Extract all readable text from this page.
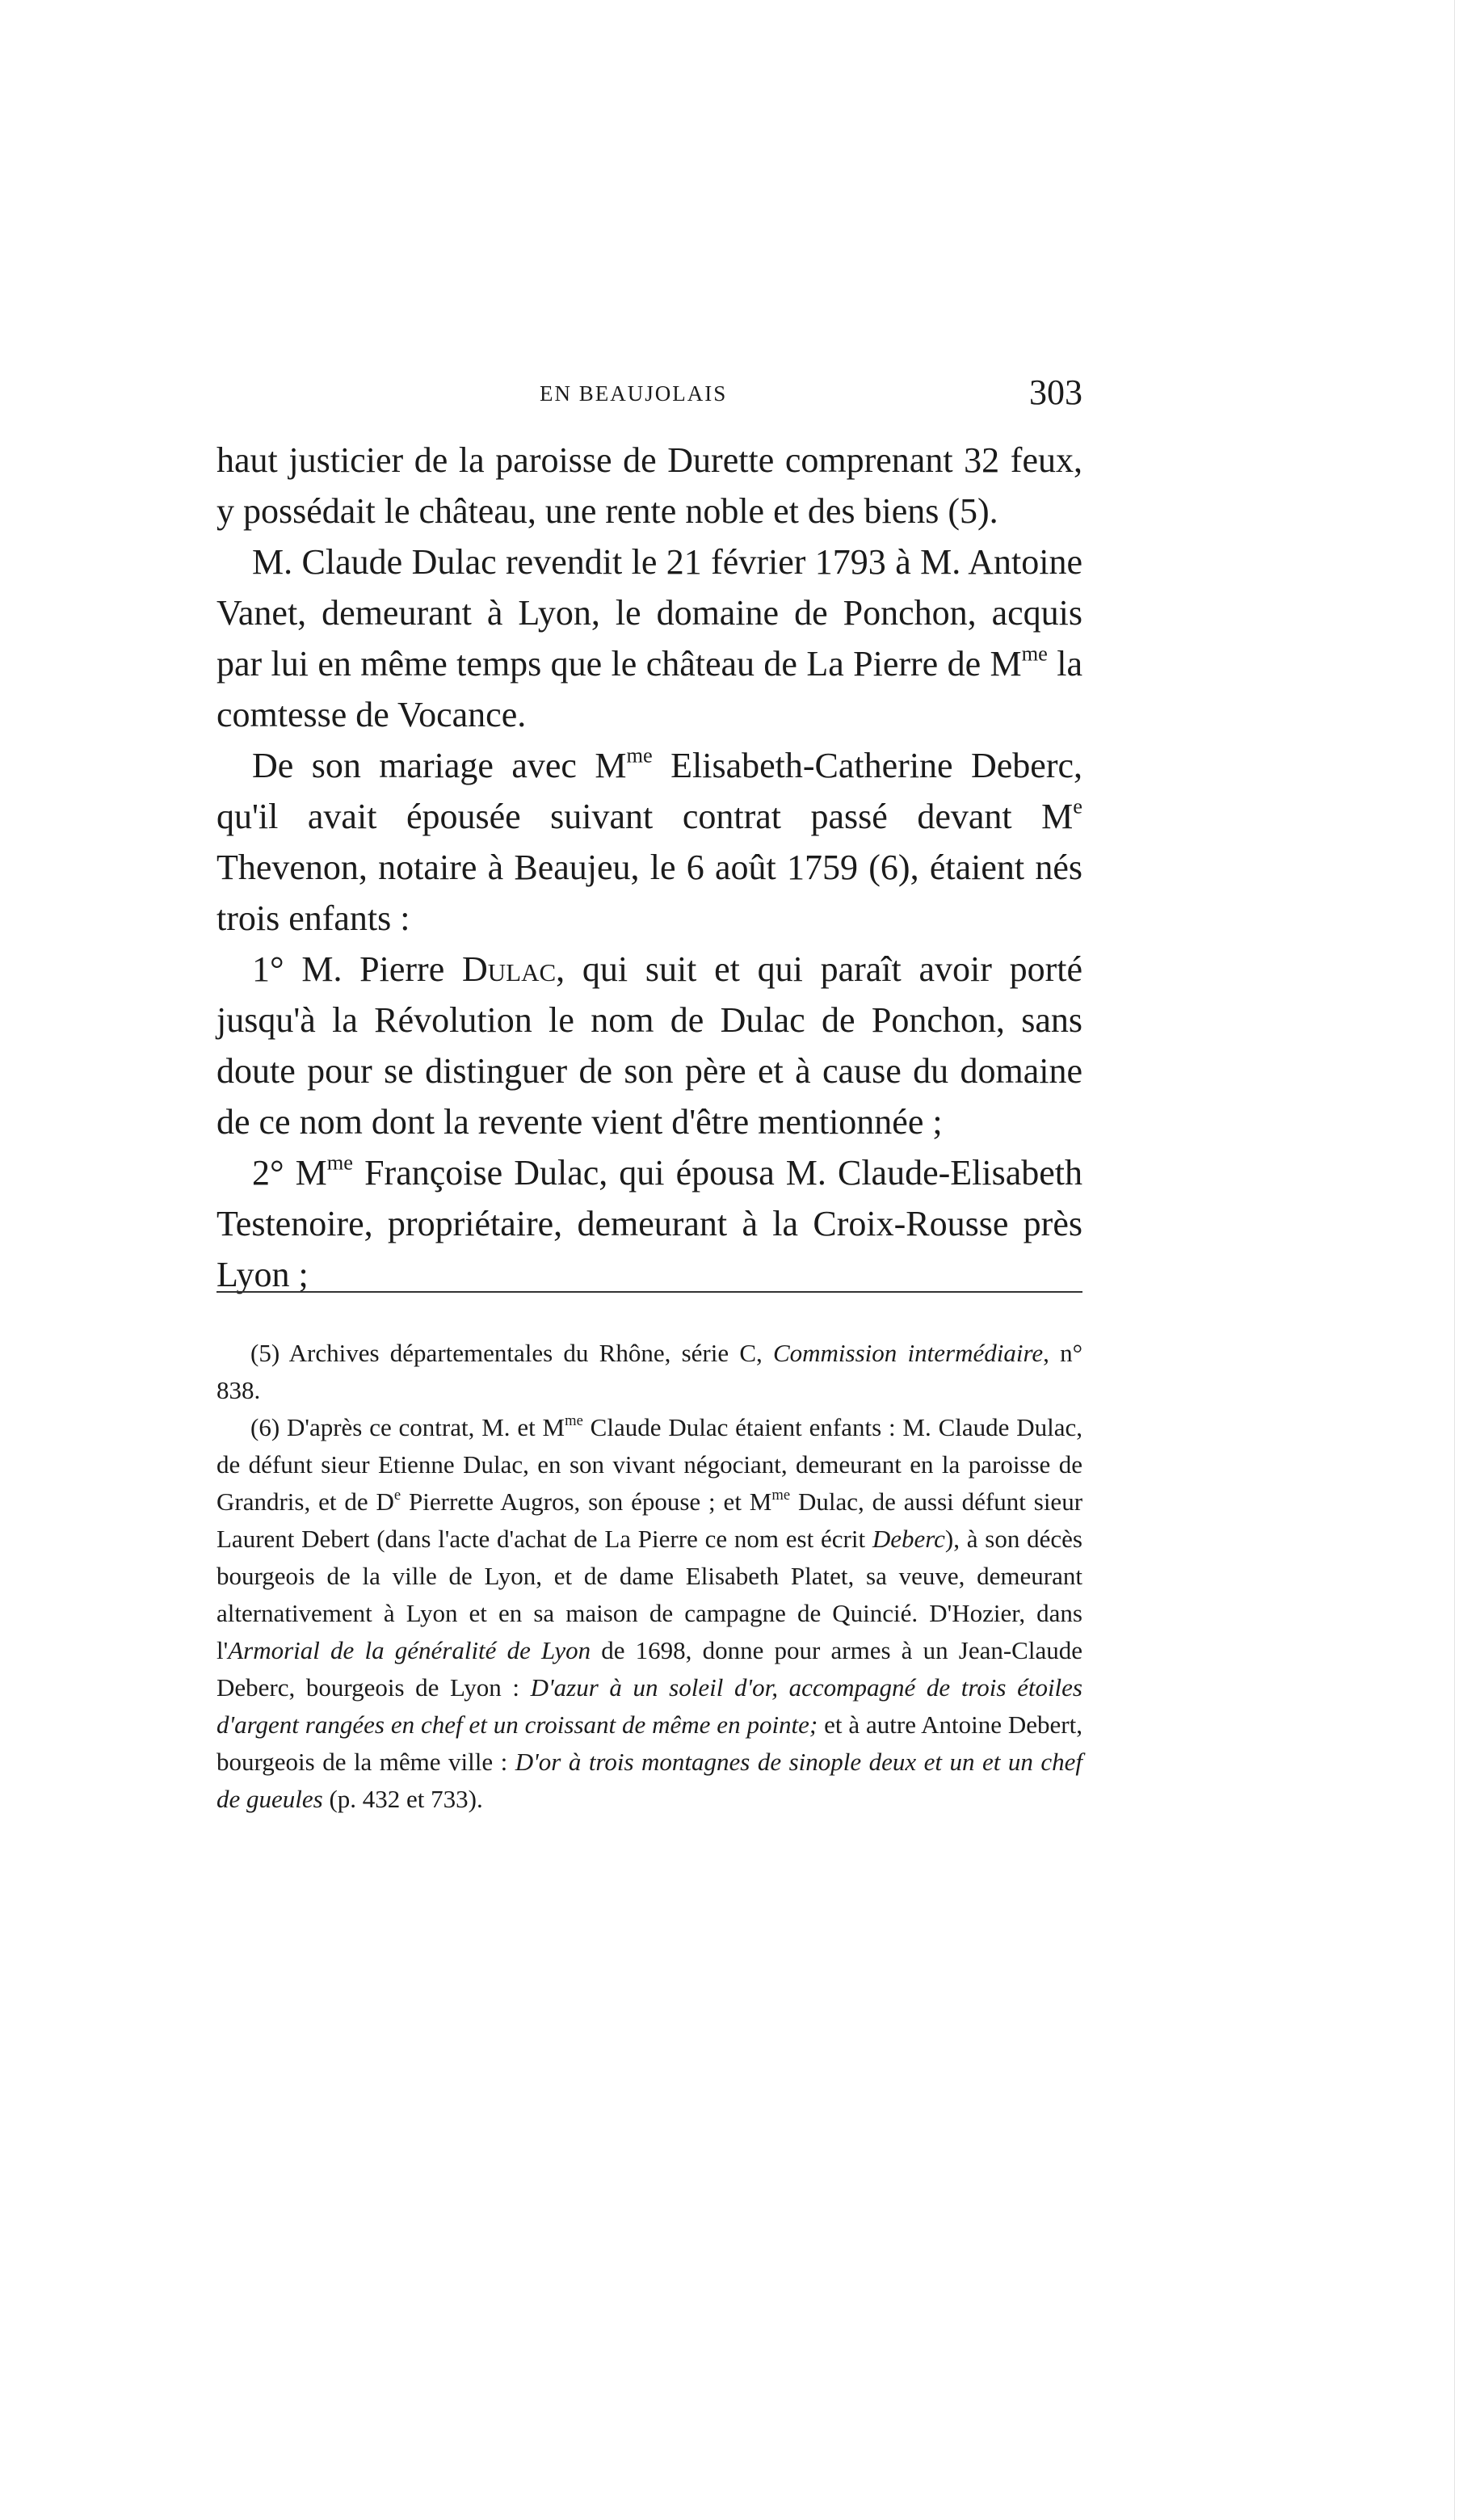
EN BEAUJOLAIS	303

haut justicier de la paroisse de Durette comprenant 32 feux, y possédait le château, une rente noble et des biens (5).

M. Claude Dulac revendit le 21 février 1793 à M. Antoine Vanet, demeurant à Lyon, le domaine de Ponchon, acquis par lui en même temps que le château de La Pierre de $M^{me}$ la comtesse de Vocance.

De son mariage avec $M^{me}$ Elisabeth-Catherine Deberc, qu'il avait épousée suivant contrat passé devant Me Thevenon, notaire à Beaujeu, le 6 août 1759 (6), étaient nés trois enfants :

1° M. Pierre Dulac, qui suit et qui paraît avoir porté jusqu'à la Révolution le nom de Dulac de Ponchon, sans doute pour se distinguer de son père et à cause du domaine de ce nom dont la revente vient d'être mentionnée ;

2° $M^{me}$ Françoise Dulac, qui épousa M. Claude-Elisabeth Testenoire, propriétaire, demeurant à la Croix-Rousse près Lyon ;

(5) Archives départementales du Rhône, série C, Commission intermédiaire, n° 838.

(6) D'après ce contrat, M. et $M^{me}$ Claude Dulac étaient enfants : M. Claude Dulac, de défunt sieur Etienne Dulac, en son vivant négociant, demeurant en la paroisse de Grandris, et de De Pierrette Augros, son épouse ; et $M^{me}$ Dulac, de aussi défunt sieur Laurent Debert (dans l'acte d'achat de La Pierre ce nom est écrit Deberc), à son décès bourgeois de la ville de Lyon, et de dame Elisabeth Platet, sa veuve, demeurant alternativement à Lyon et en sa maison de campagne de Quincié. D'Hozier, dans l'Armorial de la généralité de Lyon de 1698, donne pour armes à un Jean-Claude Deberc, bourgeois de Lyon : D'azur à un soleil d'or, accompagné de trois étoiles d'argent rangées en chef et un croissant de même en pointe; et à autre Antoine Debert, bourgeois de la même ville : D'or à trois montagnes de sinople deux et un et un chef de gueules (p. 432 et 733).
